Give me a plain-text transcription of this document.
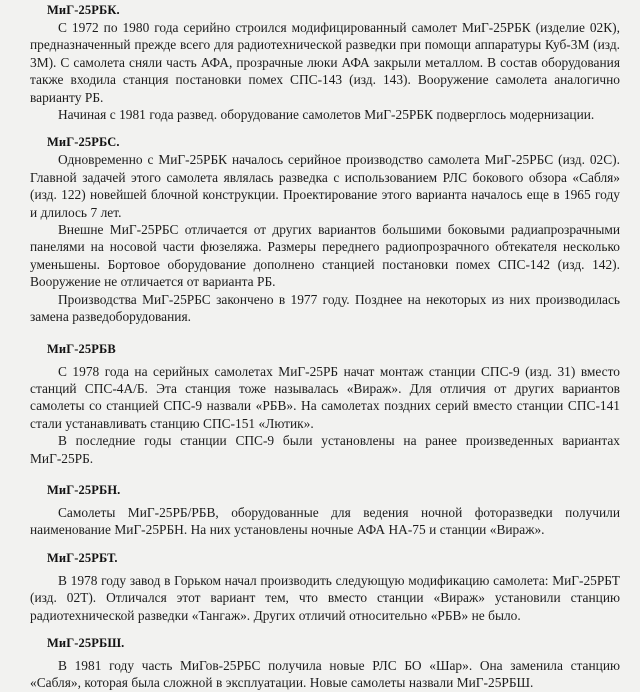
МиГ-25РБК.

С 1972 по 1980 года серийно строился модифицированный самолет МиГ-25РБК (изделие 02К), предназначенный прежде всего для радиотехнической разведки при помощи аппаратуры Куб-3М (изд. 3М). С самолета сняли часть АФА, прозрачные люки АФА закрыли металлом. В состав оборудования также входила станция постановки помех СПС-143 (изд. 143). Вооружение самолета аналогично варианту РБ.

Начиная с 1981 года развед. оборудование самолетов МиГ-25РБК подверглось модернизации.

МиГ-25РБС.

Одновременно с МиГ-25РБК началось серийное производство самолета МиГ-25РБС (изд. 02С). Главной задачей этого самолета являлась разведка с использованием РЛС бокового обзора «Сабля» (изд. 122) новейшей блочной конструкции. Проектирование этого варианта началось еще в 1965 году и длилось 7 лет.

Внешне МиГ-25РБС отличается от других вариантов большими боковыми радиапрозрачными панелями на носовой части фюзеляжа. Размеры переднего радиопрозрачного обтекателя несколько уменьшены. Бортовое оборудование дополнено станцией постановки помех СПС-142 (изд. 142). Вооружение не отличается от варианта РБ.

Производства МиГ-25РБС закончено в 1977 году. Позднее на некоторых из них производилась замена разведоборудования.

МиГ-25РБВ

С 1978 года на серийных самолетах МиГ-25РБ начат монтаж станции СПС-9 (изд. 31) вместо станций СПС-4А/Б. Эта станция тоже называлась «Вираж». Для отличия от других вариантов самолеты со станцией СПС-9 назвали «РБВ». На самолетах поздних серий вместо станции СПС-141 стали устанавливать станцию СПС-151 «Лютик».

В последние годы станции СПС-9 были установлены на ранее произведенных вариантах МиГ-25РБ.

МиГ-25РБН.

Самолеты МиГ-25РБ/РБВ, оборудованные для ведения ночной фоторазведки получили наименование МиГ-25РБН. На них установлены ночные АФА НА-75 и станции «Вираж».

МиГ-25РБТ.

В 1978 году завод в Горьком начал производить следующую модификацию самолета: МиГ-25РБТ (изд. 02Т). Отличался этот вариант тем, что вместо станции «Вираж» установили станцию радиотехнической разведки «Тангаж». Других отличий относительно «РБВ» не было.

МиГ-25РБШ.

В 1981 году часть МиГов-25РБС получила новые РЛС БО «Шар». Она заменила станцию «Сабля», которая была сложной в эксплуатации. Новые самолеты назвали МиГ-25РБШ.
